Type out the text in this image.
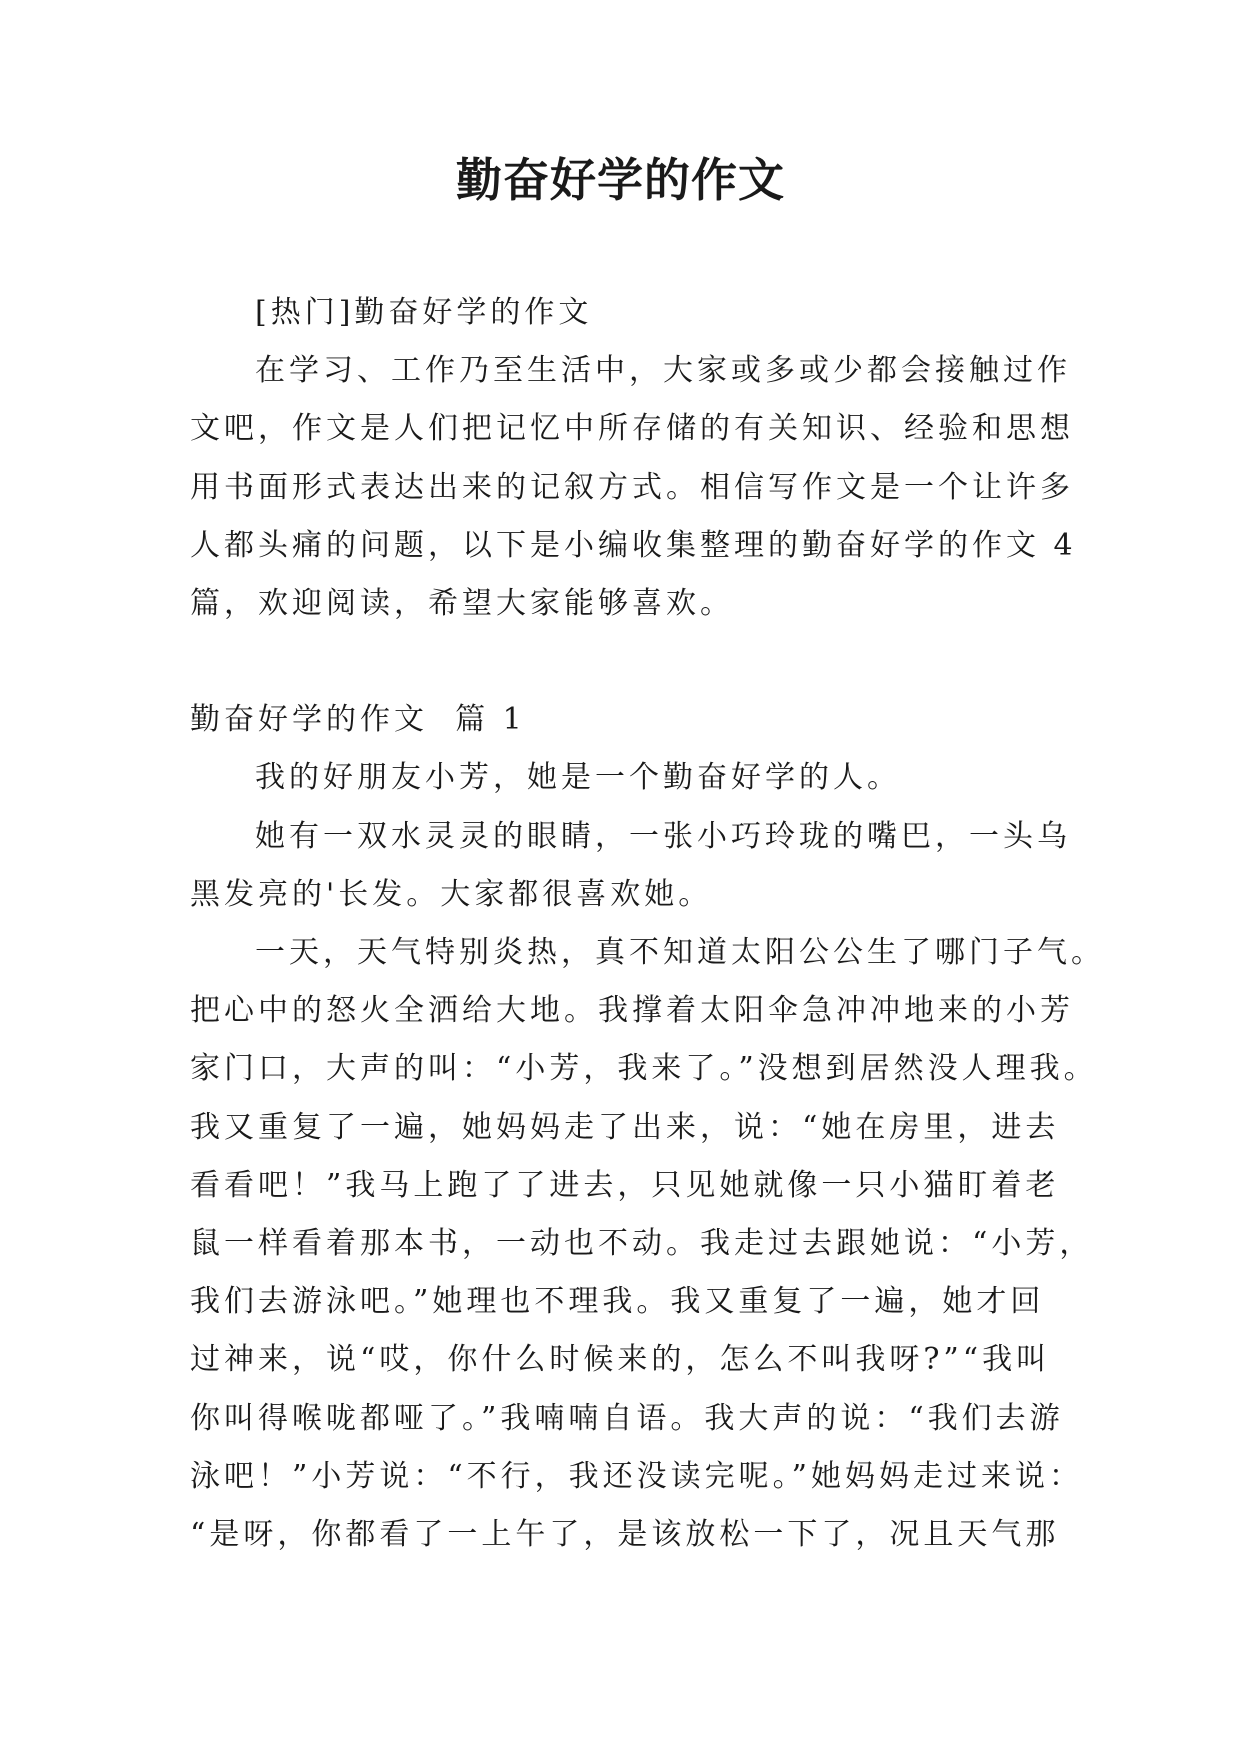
勤奋好学的作文

[热门]勤奋好学的作文

在学习、工作乃至生活中，大家或多或少都会接触过作
文吧，作文是人们把记忆中所存储的有关知识、经验和思想
用书面形式表达出来的记叙方式。相信写作文是一个让许多
人都头痛的问题，以下是小编收集整理的勤奋好学的作文 4
篇，欢迎阅读，希望大家能够喜欢。

勤奋好学的作文  篇 1

我的好朋友小芳，她是一个勤奋好学的人。

她有一双水灵灵的眼睛，一张小巧玲珑的嘴巴，一头乌
黑发亮的'长发。大家都很喜欢她。

一天，天气特别炎热，真不知道太阳公公生了哪门子气。
把心中的怒火全洒给大地。我撑着太阳伞急冲冲地来的小芳
家门口，大声的叫：“小芳，我来了。”没想到居然没人理我。
我又重复了一遍，她妈妈走了出来，说：“她在房里，进去
看看吧！”我马上跑了了进去，只见她就像一只小猫盯着老
鼠一样看着那本书，一动也不动。我走过去跟她说：“小芳，
我们去游泳吧。”她理也不理我。我又重复了一遍，她才回
过神来，说“哎，你什么时候来的，怎么不叫我呀?”“我叫
你叫得喉咙都哑了。”我喃喃自语。我大声的说：“我们去游
泳吧！”小芳说：“不行，我还没读完呢。”她妈妈走过来说：
“是呀，你都看了一上午了，是该放松一下了，况且天气那
